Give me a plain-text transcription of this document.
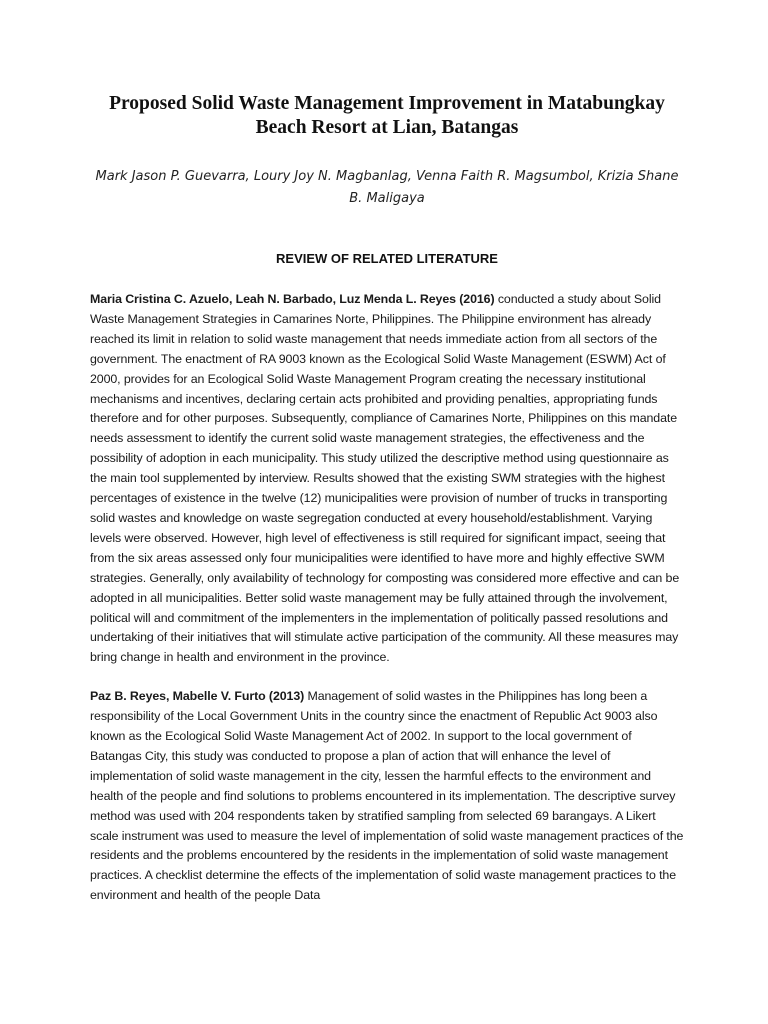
Proposed Solid Waste Management Improvement in Matabungkay Beach Resort at Lian, Batangas
Mark Jason P. Guevarra, Loury Joy N. Magbanlag, Venna Faith R. Magsumbol, Krizia Shane B. Maligaya
REVIEW OF RELATED LITERATURE

Maria Cristina C. Azuelo, Leah N. Barbado, Luz Menda L. Reyes (2016) conducted a study about Solid Waste Management Strategies in Camarines Norte, Philippines. The Philippine environment has already reached its limit in relation to solid waste management that needs immediate action from all sectors of the government. The enactment of RA 9003 known as the Ecological Solid Waste Management (ESWM) Act of 2000, provides for an Ecological Solid Waste Management Program creating the necessary institutional mechanisms and incentives, declaring certain acts prohibited and providing penalties, appropriating funds therefore and for other purposes. Subsequently, compliance of Camarines Norte, Philippines on this mandate needs assessment to identify the current solid waste management strategies, the effectiveness and the possibility of adoption in each municipality. This study utilized the descriptive method using questionnaire as the main tool supplemented by interview. Results showed that the existing SWM strategies with the highest percentages of existence in the twelve (12) municipalities were provision of number of trucks in transporting solid wastes and knowledge on waste segregation conducted at every household/establishment. Varying levels were observed. However, high level of effectiveness is still required for significant impact, seeing that from the six areas assessed only four municipalities were identified to have more and highly effective SWM strategies. Generally, only availability of technology for composting was considered more effective and can be adopted in all municipalities. Better solid waste management may be fully attained through the involvement, political will and commitment of the implementers in the implementation of politically passed resolutions and undertaking of their initiatives that will stimulate active participation of the community. All these measures may bring change in health and environment in the province.

Paz B. Reyes, Mabelle V. Furto (2013) Management of solid wastes in the Philippines has long been a responsibility of the Local Government Units in the country since the enactment of Republic Act 9003 also known as the Ecological Solid Waste Management Act of 2002. In support to the local government of Batangas City, this study was conducted to propose a plan of action that will enhance the level of implementation of solid waste management in the city, lessen the harmful effects to the environment and health of the people and find solutions to problems encountered in its implementation. The descriptive survey method was used with 204 respondents taken by stratified sampling from selected 69 barangays. A Likert scale instrument was used to measure the level of implementation of solid waste management practices of the residents and the problems encountered by the residents in the implementation of solid waste management practices. A checklist determine the effects of the implementation of solid waste management practices to the environment and health of the people Data
